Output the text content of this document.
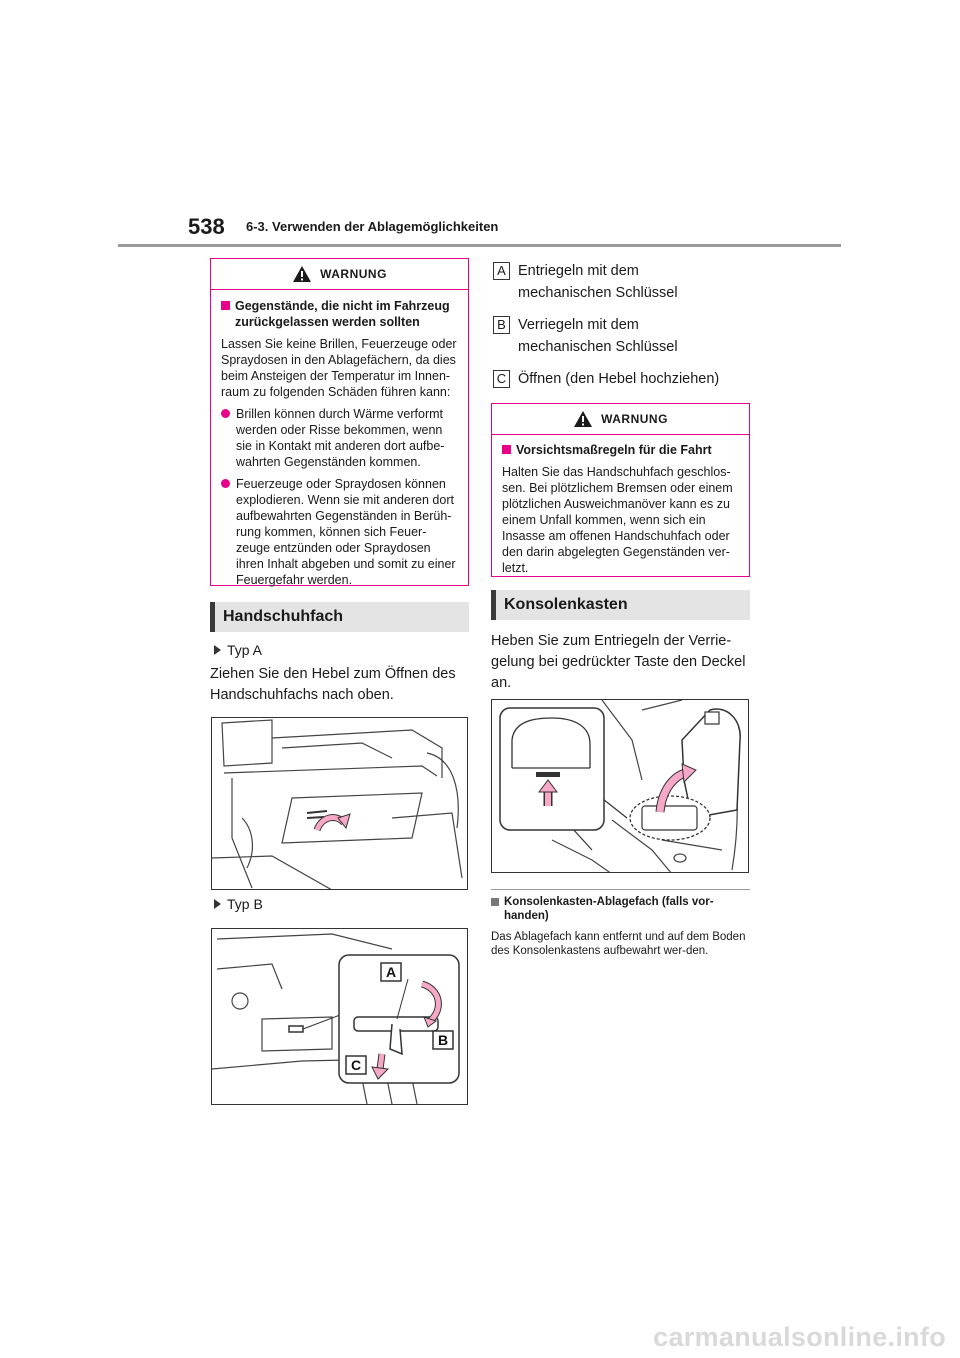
538 6-3. Verwenden der Ablagemöglichkeiten
WARNUNG
Gegenstände, die nicht im Fahrzeug zurückgelassen werden sollten
Lassen Sie keine Brillen, Feuerzeuge oder Spraydosen in den Ablagefächern, da dies beim Ansteigen der Temperatur im Innen-raum zu folgenden Schäden führen kann:
Brillen können durch Wärme verformt werden oder Risse bekommen, wenn sie in Kontakt mit anderen dort aufbe-wahrten Gegenständen kommen.
Feuerzeuge oder Spraydosen können explodieren. Wenn sie mit anderen dort aufbewahrten Gegenständen in Berüh-rung kommen, können sich Feuer-zeuge entzünden oder Spraydosen ihren Inhalt abgeben und somit zu einer Feuergefahr werden.
Handschuhfach
Typ A
Ziehen Sie den Hebel zum Öffnen des Handschuhfachs nach oben.
Typ B
A
B
C
A Entriegeln mit dem mechanischen Schlüssel
B Verriegeln mit dem mechanischen Schlüssel
C Öffnen (den Hebel hochziehen)
WARNUNG
Vorsichtsmaßregeln für die Fahrt
Halten Sie das Handschuhfach geschlos-sen. Bei plötzlichem Bremsen oder einem plötzlichen Ausweichmanöver kann es zu einem Unfall kommen, wenn sich ein Insasse am offenen Handschuhfach oder den darin abgelegten Gegenständen ver-letzt.
Konsolenkasten
Heben Sie zum Entriegeln der Verrie-gelung bei gedrückter Taste den Deckel an.
Konsolenkasten-Ablagefach (falls vor-handen)
Das Ablagefach kann entfernt und auf dem Boden des Konsolenkastens aufbewahrt wer-den.
carmanualsonline.info
